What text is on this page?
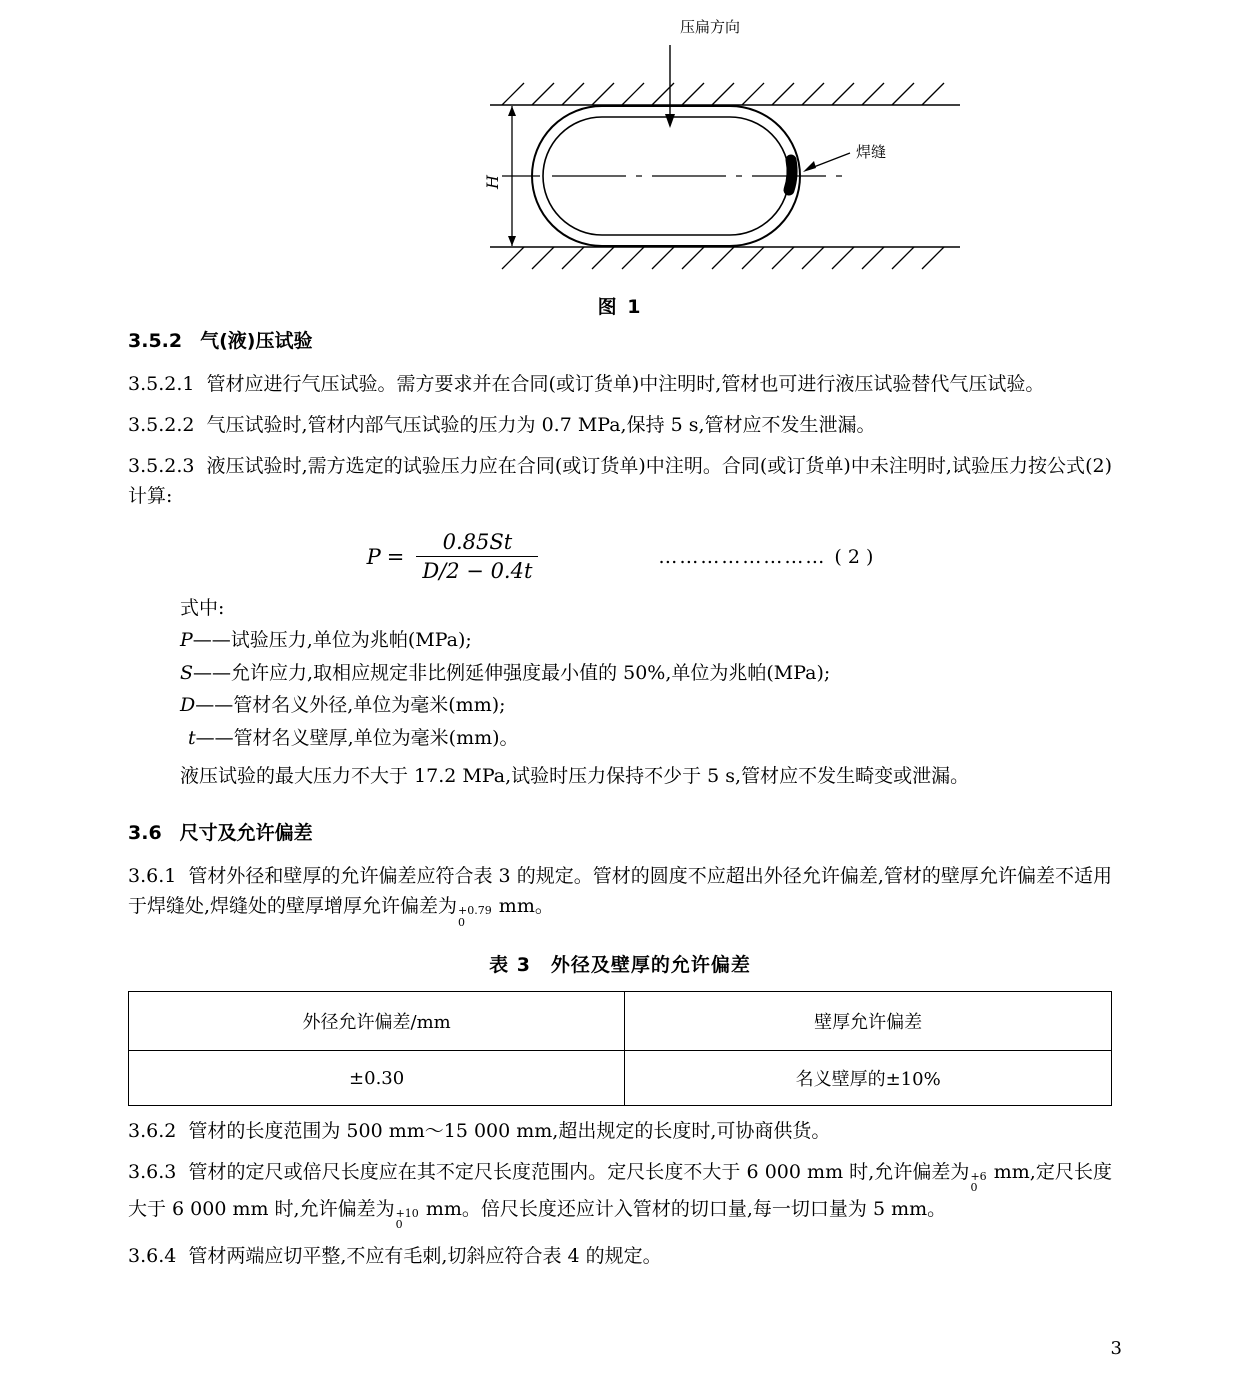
H
压扁方向
焊缝
图 1
3.5.2 气(液)压试验

3.5.2.1 管材应进行气压试验。需方要求并在合同(或订货单)中注明时,管材也可进行液压试验替代气压试验。

3.5.2.2 气压试验时,管材内部气压试验的压力为 0.7 MPa,保持 5 s,管材应不发生泄漏。

3.5.2.3 液压试验时,需方选定的试验压力应在合同(或订货单)中注明。合同(或订货单)中未注明时,试验压力按公式(2)计算:

$P = \frac{0.85St}{D/2 - 0.4t}$	…………………… ( 2 )
式中:
P——试验压力,单位为兆帕(MPa);
S——允许应力,取相应规定非比例延伸强度最小值的 50%,单位为兆帕(MPa);
D——管材名义外径,单位为毫米(mm);
t——管材名义壁厚,单位为毫米(mm)。
液压试验的最大压力不大于 17.2 MPa,试验时压力保持不少于 5 s,管材应不发生畸变或泄漏。
3.6 尺寸及允许偏差

3.6.1 管材外径和壁厚的允许偏差应符合表 3 的规定。管材的圆度不应超出外径允许偏差,管材的壁厚允许偏差不适用于焊缝处,焊缝处的壁厚增厚允许偏差为 +0.79
0
mm。

表 3　外径及壁厚的允许偏差
外径允许偏差/mm	壁厚允许偏差
±0.30	名义壁厚的±10%

3.6.2 管材的长度范围为 500 mm～15 000 mm,超出规定的长度时,可协商供货。

3.6.3 管材的定尺或倍尺长度应在其不定尺长度范围内。定尺长度不大于 6 000 mm 时,允许偏差为 +6
0
mm,定尺长度大于 6 000 mm 时,允许偏差为 +10
0
mm。倍尺长度还应计入管材的切口量,每一切口量为 5 mm。

3.6.4 管材两端应切平整,不应有毛刺,切斜应符合表 4 的规定。

3
